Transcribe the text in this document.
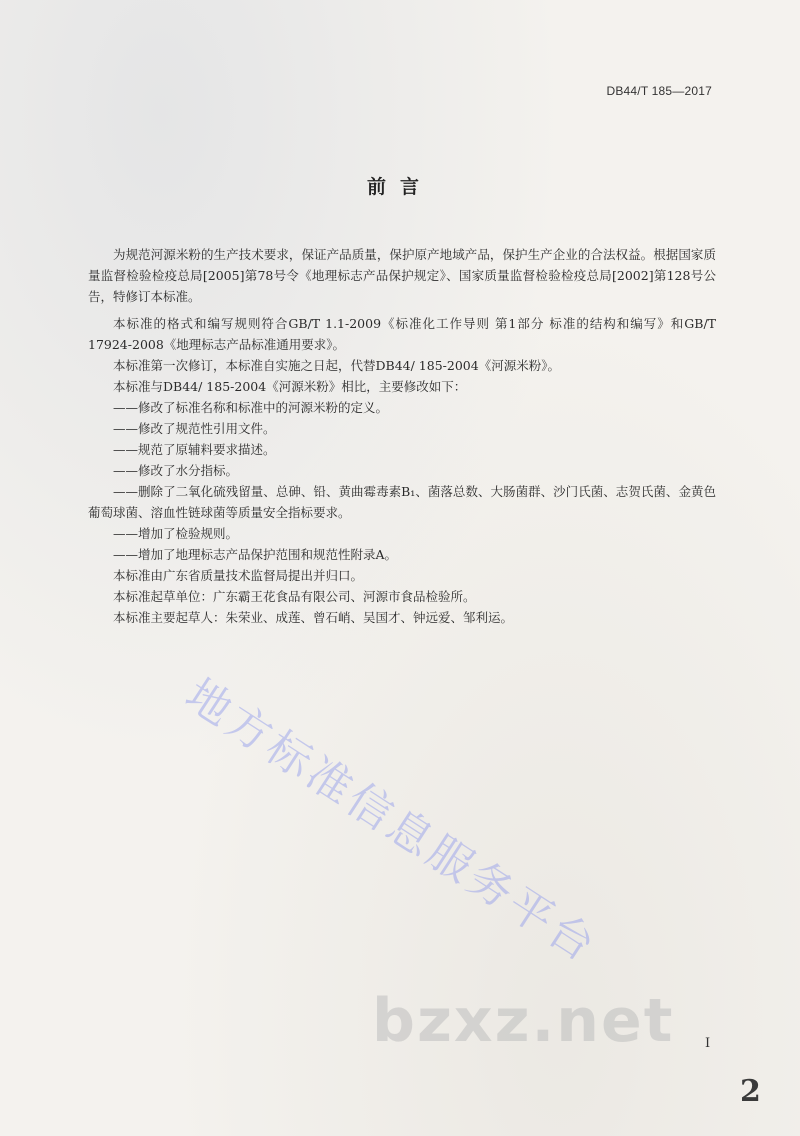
DB44/T 185—2017
前言

为规范河源米粉的生产技术要求，保证产品质量，保护原产地域产品，保护生产企业的合法权益。根据国家质量监督检验检疫总局[2005]第78号令《地理标志产品保护规定》、国家质量监督检验检疫总局[2002]第128号公告，特修订本标准。

本标准的格式和编写规则符合GB/T 1.1-2009《标准化工作导则 第1部分 标准的结构和编写》和GB/T 17924-2008《地理标志产品标准通用要求》。

本标准第一次修订，本标准自实施之日起，代替DB44/ 185-2004《河源米粉》。

本标准与DB44/ 185-2004《河源米粉》相比，主要修改如下：

——修改了标准名称和标准中的河源米粉的定义。

——修改了规范性引用文件。

——规范了原辅料要求描述。

——修改了水分指标。

——删除了二氧化硫残留量、总砷、铅、黄曲霉毒素B₁、菌落总数、大肠菌群、沙门氏菌、志贺氏菌、金黄色葡萄球菌、溶血性链球菌等质量安全指标要求。

——增加了检验规则。

——增加了地理标志产品保护范围和规范性附录A。

本标准由广东省质量技术监督局提出并归口。

本标准起草单位：广东霸王花食品有限公司、河源市食品检验所。

本标准主要起草人：朱荣业、成莲、曾石峭、吴国才、钟远爱、邹利运。

地方标准信息服务平台
bzxz.net I
2
